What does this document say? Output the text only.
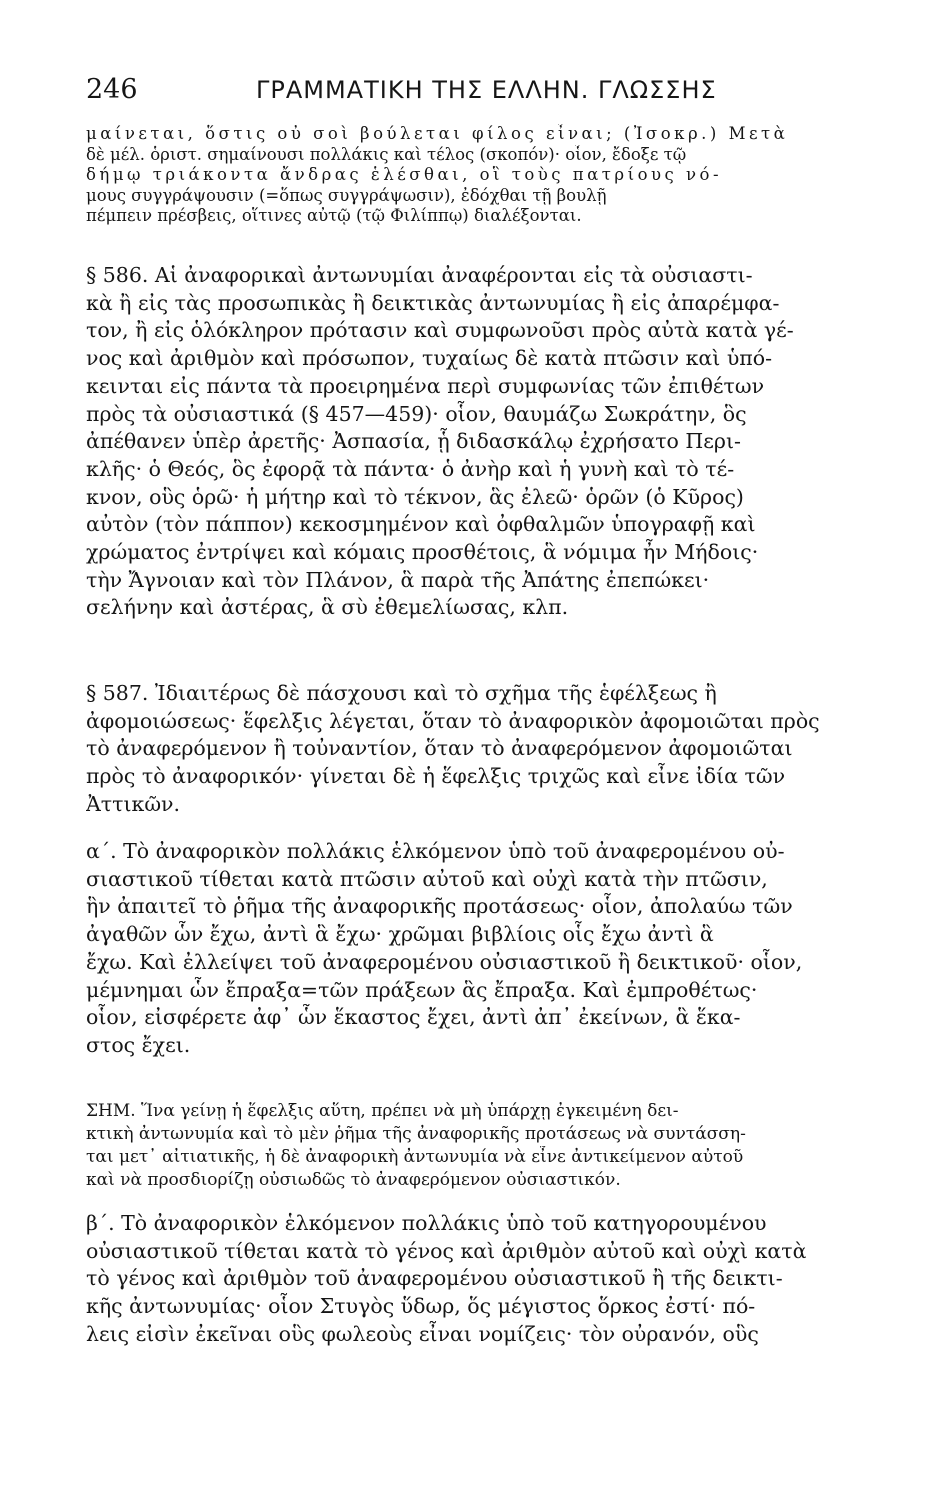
246	ΓΡΑΜΜΑΤΙΚΗ ΤΗΣ ΕΛΛΗΝ. ΓΛΩΣΣΗΣ
μαίνεται, ὅστις οὐ σοὶ βούλεται φίλος εἶναι; (Ἰσοκρ.) Μετὰ
δὲ μέλ. ὁριστ. σημαίνουσι πολλάκις καὶ τέλος (σκοπόν)· οἷον, ἔδοξε τῷ
δήμῳ τριάκοντα ἄνδρας ἑλέσθαι, οἳ τοὺς πατρίους νό-
μους συγγράψουσιν (=ὅπως συγγράψωσιν), ἐδόχθαι τῇ βουλῇ
πέμπειν πρέσβεις, οἵτινες αὐτῷ (τῷ Φιλίππῳ) διαλέξονται.
§ 586. Αἱ ἀναφορικαὶ ἀντωνυμίαι ἀναφέρονται εἰς τὰ οὐσιαστι-
κὰ ἢ εἰς τὰς προσωπικὰς ἢ δεικτικὰς ἀντωνυμίας ἢ εἰς ἀπαρέμφα-
τον, ἢ εἰς ὁλόκληρον πρότασιν καὶ συμφωνοῦσι πρὸς αὐτὰ κατὰ γέ-
νος καὶ ἀριθμὸν καὶ πρόσωπον, τυχαίως δὲ κατὰ πτῶσιν καὶ ὑπό-
κεινται εἰς πάντα τὰ προειρημένα περὶ συμφωνίας τῶν ἐπιθέτων
πρὸς τὰ οὐσιαστικά (§ 457—459)· οἷον, θαυμάζω Σωκράτην, ὃς
ἀπέθανεν ὑπὲρ ἀρετῆς· Ἀσπασία, ᾗ διδασκάλῳ ἐχρήσατο Περι-
κλῆς· ὁ Θεός, ὃς ἐφορᾷ τὰ πάντα· ὁ ἀνὴρ καὶ ἡ γυνὴ καὶ τὸ τέ-
κνον, οὓς ὁρῶ· ἡ μήτηρ καὶ τὸ τέκνον, ἃς ἐλεῶ· ὁρῶν (ὁ Κῦρος)
αὐτὸν (τὸν πάππον) κεκοσμημένον καὶ ὀφθαλμῶν ὑπογραφῇ καὶ
χρώματος ἐντρίψει καὶ κόμαις προσθέτοις, ἃ νόμιμα ἦν Μήδοις·
τὴν Ἄγνοιαν καὶ τὸν Πλάνον, ἃ παρὰ τῆς Ἀπάτης ἐπεπώκει·
σελήνην καὶ ἀστέρας, ἃ σὺ ἐθεμελίωσας, κλπ.
§ 587. Ἰδιαιτέρως δὲ πάσχουσι καὶ τὸ σχῆμα τῆς ἑφέλξεως ἢ
ἀφομοιώσεως· ἕφελξις λέγεται, ὅταν τὸ ἀναφορικὸν ἀφομοιῶται πρὸς
τὸ ἀναφερόμενον ἢ τοὐναντίον, ὅταν τὸ ἀναφερόμενον ἀφομοιῶται
πρὸς τὸ ἀναφορικόν· γίνεται δὲ ἡ ἕφελξις τριχῶς καὶ εἶνε ἰδία τῶν
Ἀττικῶν.
α΄. Τὸ ἀναφορικὸν πολλάκις ἑλκόμενον ὑπὸ τοῦ ἀναφερομένου οὐ-
σιαστικοῦ τίθεται κατὰ πτῶσιν αὐτοῦ καὶ οὐχὶ κατὰ τὴν πτῶσιν,
ἣν ἀπαιτεῖ τὸ ῥῆμα τῆς ἀναφορικῆς προτάσεως· οἷον, ἀπολαύω τῶν
ἀγαθῶν ὧν ἔχω, ἀντὶ ἃ ἔχω· χρῶμαι βιβλίοις οἷς ἔχω ἀντὶ ἃ
ἔχω. Καὶ ἐλλείψει τοῦ ἀναφερομένου οὐσιαστικοῦ ἢ δεικτικοῦ· οἷον,
μέμνημαι ὧν ἔπραξα=τῶν πράξεων ἃς ἔπραξα. Καὶ ἐμπροθέτως·
οἷον, εἰσφέρετε ἀφ᾽ ὧν ἕκαστος ἔχει, ἀντὶ ἀπ᾽ ἐκείνων, ἃ ἕκα-
στος ἔχει.
ΣΗΜ. Ἵνα γείνῃ ἡ ἕφελξις αὕτη, πρέπει νὰ μὴ ὑπάρχῃ ἐγκειμένη δει-
κτικὴ ἀντωνυμία καὶ τὸ μὲν ῥῆμα τῆς ἀναφορικῆς προτάσεως νὰ συντάσση-
ται μετ᾽ αἰτιατικῆς, ἡ δὲ ἀναφορικὴ ἀντωνυμία νὰ εἶνε ἀντικείμενον αὐτοῦ
καὶ νὰ προσδιορίζῃ οὐσιωδῶς τὸ ἀναφερόμενον οὐσιαστικόν.
β΄. Τὸ ἀναφορικὸν ἑλκόμενον πολλάκις ὑπὸ τοῦ κατηγορουμένου
οὐσιαστικοῦ τίθεται κατὰ τὸ γένος καὶ ἀριθμὸν αὐτοῦ καὶ οὐχὶ κατὰ
τὸ γένος καὶ ἀριθμὸν τοῦ ἀναφερομένου οὐσιαστικοῦ ἢ τῆς δεικτι-
κῆς ἀντωνυμίας· οἷον Στυγὸς ὕδωρ, ὅς μέγιστος ὅρκος ἐστί· πό-
λεις εἰσὶν ἐκεῖναι οὓς φωλεοὺς εἶναι νομίζεις· τὸν οὐρανόν, οὓς
